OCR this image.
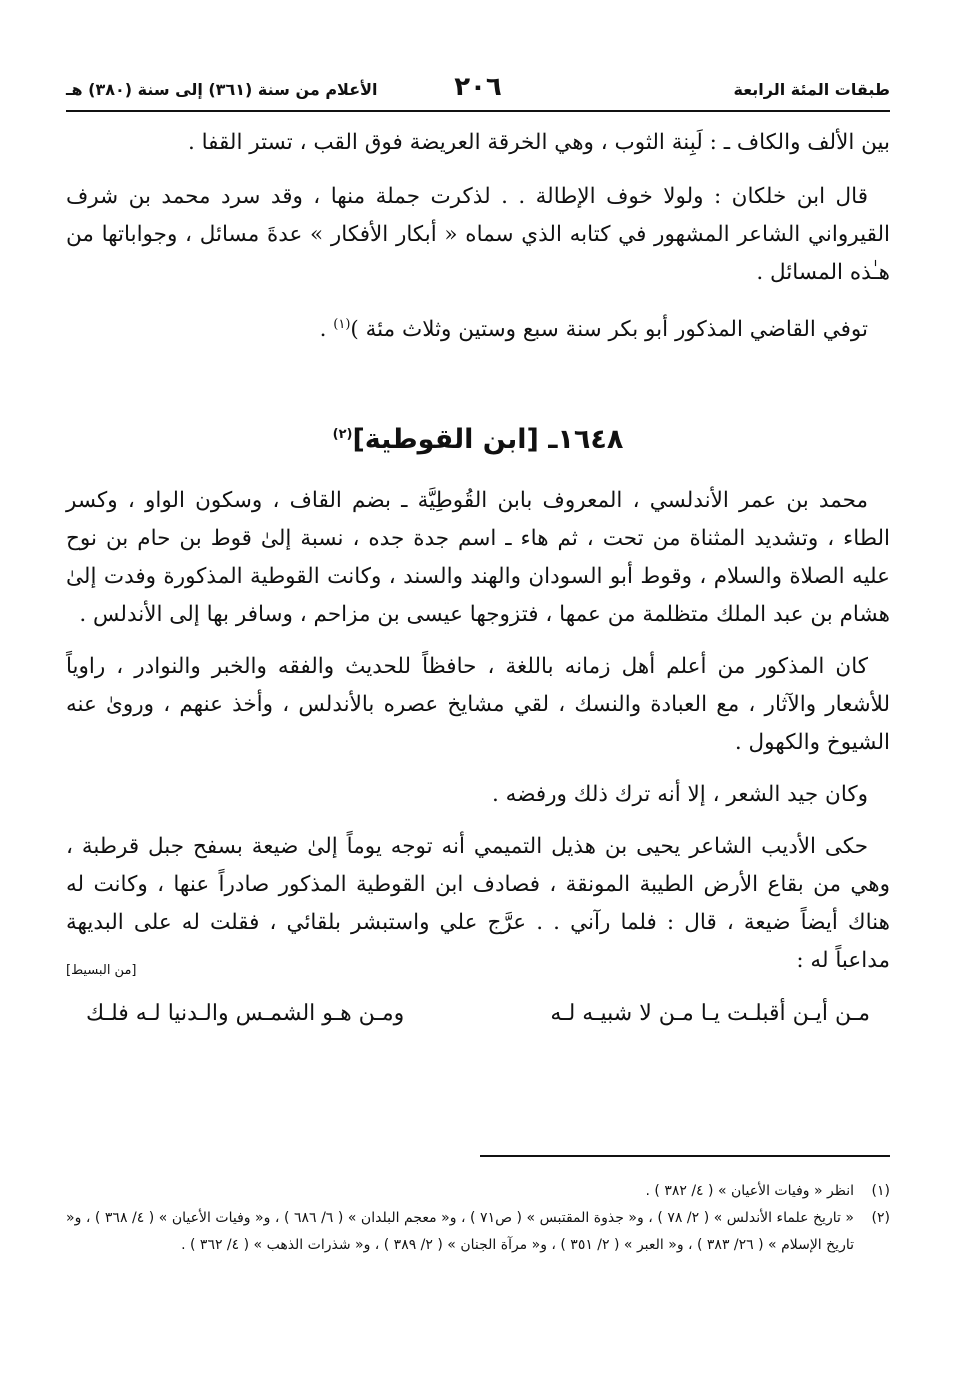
طبقات المئة الرابعة
٢٠٦
الأعلام من سنة (٣٦١) إلى سنة (٣٨٠) هـ

بين الألف والكاف ـ : لَبِنة الثوب ، وهي الخرقة العريضة فوق القب ، تستر القفا .

قال ابن خلكان : ولولا خوف الإطالة . . لذكرت جملة منها ، وقد سرد محمد بن شرف القيرواني الشاعر المشهور في كتابه الذي سماه « أبكار الأفكار » عدةَ مسائل ، وجواباتها من هـٰذه المسائل .

توفي القاضي المذكور أبو بكر سنة سبع وستين وثلاث مئة )$^{(١)}$ .

١٦٤٨ـ [ابن القوطية]$^{(٢)}$

محمد بن عمر الأندلسي ، المعروف بابن القُوطِيَّة ـ بضم القاف ، وسكون الواو ، وكسر الطاء ، وتشديد المثناة من تحت ، ثم هاء ـ اسم جدة جده ، نسبة إلىٰ قوط بن حام بن نوح عليه الصلاة والسلام ، وقوط أبو السودان والهند والسند ، وكانت القوطية المذكورة وفدت إلىٰ هشام بن عبد الملك متظلمة من عمها ، فتزوجها عيسى بن مزاحم ، وسافر بها إلى الأندلس .

كان المذكور من أعلم أهل زمانه باللغة ، حافظاً للحديث والفقه والخبر والنوادر ، راوياً للأشعار والآثار ، مع العبادة والنسك ، لقي مشايخ عصره بالأندلس ، وأخذ عنهم ، وروىٰ عنه الشيوخ والكهول .

وكان جيد الشعر ، إلا أنه ترك ذلك ورفضه .

حكى الأديب الشاعر يحيى بن هذيل التميمي أنه توجه يوماً إلىٰ ضيعة بسفح جبل قرطبة ، وهي من بقاع الأرض الطيبة المونقة ، فصادف ابن القوطية المذكور صادراً عنها ، وكانت له هناك أيضاً ضيعة ، قال : فلما رآني . . عرَّج علي واستبشر بلقائي ، فقلت له على البديهة مداعباً له :

[من البسيط]
مـن أيـن أقبلـت يـا مـن لا شبيـه لـه
ومـن هـو الشمـس والـدنيا لـه فلـك
(١)
انظر « وفيات الأعيان » ( ٤/ ٣٨٢ ) .
(٢)
« تاريخ علماء الأندلس » ( ٢/ ٧٨ ) ، و« جذوة المقتبس » ( ص٧١ ) ، و« معجم البلدان » ( ٦/ ٦٨٦ ) ، و« وفيات الأعيان » ( ٤/ ٣٦٨ ) ، و« تاريخ الإسلام » ( ٢٦/ ٣٨٣ ) ، و« العبر » ( ٢/ ٣٥١ ) ، و« مرآة الجنان » ( ٢/ ٣٨٩ ) ، و« شذرات الذهب » ( ٤/ ٣٦٢ ) .
